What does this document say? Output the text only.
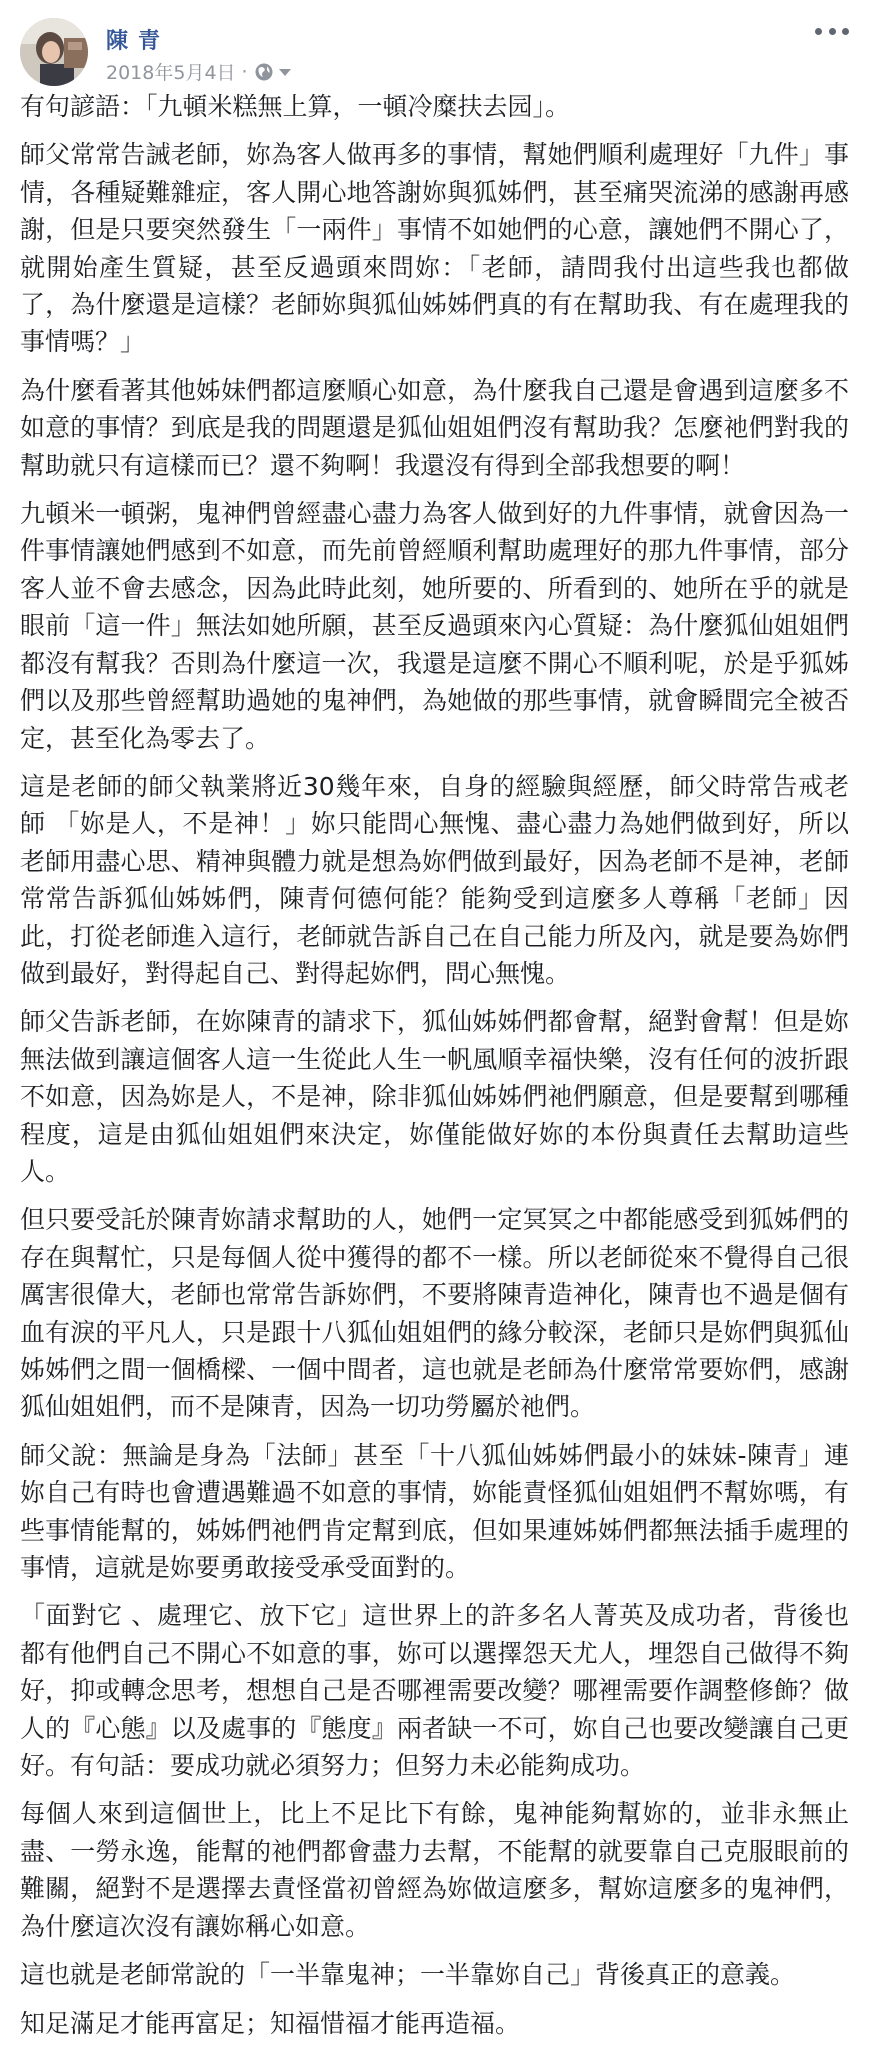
陳青
2018年5月4日 ·

有句諺語：「九頓米糕無上算，一頓冷糜扶去园」。

師父常常告誡老師，妳為客人做再多的事情，幫她們順利處理好「九件」事情，各種疑難雜症，客人開心地答謝妳與狐姊們，甚至痛哭流涕的感謝再感謝，但是只要突然發生「一兩件」事情不如她們的心意，讓她們不開心了，就開始產生質疑，甚至反過頭來問妳：「老師，請問我付出這些我也都做了，為什麼還是這樣？老師妳與狐仙姊姊們真的有在幫助我、有在處理我的事情嗎？」

為什麼看著其他姊妹們都這麼順心如意，為什麼我自己還是會遇到這麼多不如意的事情？到底是我的問題還是狐仙姐姐們沒有幫助我？怎麼祂們對我的幫助就只有這樣而已？還不夠啊！我還沒有得到全部我想要的啊！

九頓米一頓粥，鬼神們曾經盡心盡力為客人做到好的九件事情，就會因為一件事情讓她們感到不如意，而先前曾經順利幫助處理好的那九件事情，部分客人並不會去感念，因為此時此刻，她所要的、所看到的、她所在乎的就是眼前「這一件」無法如她所願，甚至反過頭來內心質疑：為什麼狐仙姐姐們都沒有幫我？否則為什麼這一次，我還是這麼不開心不順利呢，於是乎狐姊們以及那些曾經幫助過她的鬼神們，為她做的那些事情，就會瞬間完全被否定，甚至化為零去了。

這是老師的師父執業將近30幾年來，自身的經驗與經歷，師父時常告戒老師 「妳是人，不是神！」妳只能問心無愧、盡心盡力為她們做到好，所以老師用盡心思、精神與體力就是想為妳們做到最好，因為老師不是神，老師常常告訴狐仙姊姊們，陳青何德何能？能夠受到這麼多人尊稱「老師」因此，打從老師進入這行，老師就告訴自己在自己能力所及內，就是要為妳們做到最好，對得起自己、對得起妳們，問心無愧。

師父告訴老師，在妳陳青的請求下，狐仙姊姊們都會幫，絕對會幫！但是妳無法做到讓這個客人這一生從此人生一帆風順幸福快樂，沒有任何的波折跟不如意，因為妳是人，不是神，除非狐仙姊姊們祂們願意，但是要幫到哪種程度，這是由狐仙姐姐們來決定，妳僅能做好妳的本份與責任去幫助這些人。

但只要受託於陳青妳請求幫助的人，她們一定冥冥之中都能感受到狐姊們的存在與幫忙，只是每個人從中獲得的都不一樣。所以老師從來不覺得自己很厲害很偉大，老師也常常告訴妳們，不要將陳青造神化，陳青也不過是個有血有淚的平凡人，只是跟十八狐仙姐姐們的緣分較深，老師只是妳們與狐仙姊姊們之間一個橋樑、一個中間者，這也就是老師為什麼常常要妳們，感謝狐仙姐姐們，而不是陳青，因為一切功勞屬於祂們。

師父說：無論是身為「法師」甚至「十八狐仙姊姊們最小的妹妹-陳青」連妳自己有時也會遭遇難過不如意的事情，妳能責怪狐仙姐姐們不幫妳嗎，有些事情能幫的，姊姊們祂們肯定幫到底，但如果連姊姊們都無法插手處理的事情，這就是妳要勇敢接受承受面對的。

「面對它 、處理它、放下它」這世界上的許多名人菁英及成功者，背後也都有他們自己不開心不如意的事，妳可以選擇怨天尤人，埋怨自己做得不夠好，抑或轉念思考，想想自己是否哪裡需要改變？哪裡需要作調整修飾？做人的『心態』以及處事的『態度』兩者缺一不可，妳自己也要改變讓自己更好。有句話：要成功就必須努力；但努力未必能夠成功。

每個人來到這個世上，比上不足比下有餘，鬼神能夠幫妳的，並非永無止盡、一勞永逸，能幫的祂們都會盡力去幫，不能幫的就要靠自己克服眼前的難關，絕對不是選擇去責怪當初曾經為妳做這麼多，幫妳這麼多的鬼神們，為什麼這次沒有讓妳稱心如意。

這也就是老師常說的「一半靠鬼神；一半靠妳自己」背後真正的意義。

知足滿足才能再富足；知福惜福才能再造福。
